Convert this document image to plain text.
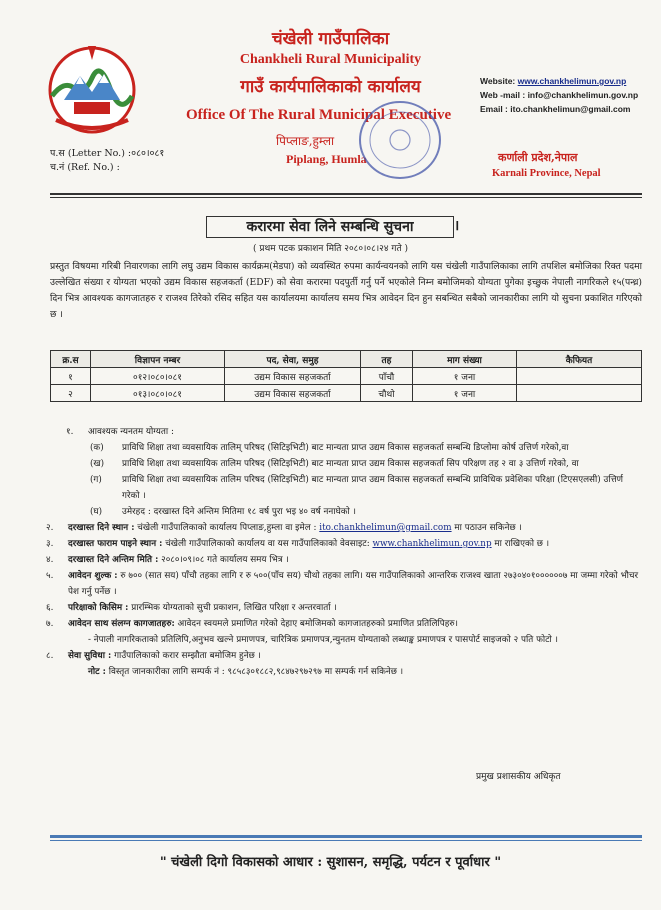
चंखेली गाउँपालिका
Chankheli Rural Municipality
गाउँ कार्यपालिकाको कार्यालय
Office Of The Rural Municipal Executive
पिप्लाङ,हुम्ला
Piplang, Humla
Website: www.chankhelimun.gov.np
Web -mail : info@chankhelimun.gov.np
Email : ito.chankhelimun@gmail.com
कर्णाली प्रदेश,नेपाल
Karnali Province, Nepal
प.स (Letter No.) :०८०।०८१
च.नं (Ref. No.) :
करारमा सेवा लिने सम्बन्धि सुचना	।
( प्रथम पटक प्रकाशन मिति २०८०।०८।२४ गते )
प्रस्तुत विषयमा गरिबी निवारणका लागि लघु उद्यम विकास कार्यक्रम(मेडपा) को व्यवस्थित रुपमा कार्यन्वयनको लागि यस चंखेली गाउँपालिकाका लागि तपशिल बमोजिका रिक्त पदमा उल्लेखित संख्या र योग्यता भएको उद्यम विकास सहजकर्ता (EDF) को सेवा करारमा पदपुर्ती गर्नु पर्ने भएकोले निम्न बमोजिमको योग्यता पुगेका इच्छुक नेपाली नागरिकले १५(पन्ध्र) दिन भित्र आवश्यक कागजातहरु र राजश्व तिरेको रसिद सहित यस कार्यालयमा कार्यालय समय भित्र आवेदन दिन हुन सबन्धित सबैको जानकारीका लागि यो सुचना प्रकाशित गरिएको छ ।
क्र.स	विज्ञापन नम्बर	पद, सेवा, समुह	तह	माग संख्या	कैफियत
१	०१२।०८०।०८१	उद्यम विकास सहजकर्ता	पाँचौ	१ जना	
२	०१३।०८०।०८१	उद्यम विकास सहजकर्ता	चौथो	१ जना	
१.	आवश्यक न्यनतम योग्यता :
(क)	प्राविधि शिक्षा तथा व्यवसायिक तालिम् परिषद (सिटिइभिटी) बाट मान्यता प्राप्त उद्यम विकास सहजकर्ता सम्बन्धि डिप्लोमा कोर्ष उत्तिर्ण गरेको,वा
(ख)	प्राविधि शिक्षा तथा व्यवसायिक तालिम परिषद (सिटिइभिटी) बाट मान्यता प्राप्त उद्यम विकास सहजकर्ता सिप परिक्षण तह २ वा ३ उत्तिर्ण गरेको, वा
(ग)	प्राविधि शिक्षा तथा व्यवसायिक तालिम परिषद (सिटिइभिटी) बाट मान्यता प्राप्त उद्यम विकास सहजकर्ता सम्बन्धि प्राविधिक प्रवेशिका परिक्षा (टिएसएलसी) उत्तिर्ण गरेको ।
(घ)	उमेरहद : दरखास्त दिने अन्तिम मितिमा १८ वर्ष पुरा भइ ४० वर्ष ननाघेको ।
२.	दरखास्त दिने स्थान : चंखेली गाउँपालिकाको कार्यालय पिप्लाङ,हुम्ला वा इमेल : ito.chankhelimun@gmail.com मा पठाउन सकिनेछ ।
३.	दरखास्त फाराम पाइने स्थान : चंखेली गाउँपालिकाको कार्यालय वा यस गाउँपालिकाको वेवसाइट: www.chankhelimun.gov.np मा राखिएको छ ।
४.	दरखास्त दिने अन्तिम मिति : २०८०।०९।०८ गते कार्यालय समय भित्र ।
५.	आवेदन शुल्क : रु ७०० (सात सय) पाँचौ तहका लागि र रु ५००(पाँच सय) चौथो तहका लागि। यस गाउँपालिकाको आन्तरिक राजश्व खाता २७३०४०१००००००७ मा जम्मा गरेको भौचर पेश गर्नु पर्नेछ ।
६.	परिक्षाको किसिम : प्रारम्भिक योग्यताको सुची प्रकाशन, लिखित परिक्षा र अन्तरवार्ता ।
७.	आवेदन साथ संलग्न कागजातहरु: आवेदन स्वयमले प्रमाणित गरेको देहाए बमोजिमको कागजातहरुको प्रमाणित प्रतिलिपिहरु।
- नेपाली नागरिकताको प्रतिलिपि,अनुभव खल्ने प्रमाणपत्र, चारित्रिक प्रमाणपत्र,न्युनतम योग्यताको लब्धाङ्क प्रमाणपत्र र पासपोर्ट साइजको २ पति फोटो ।
८.	सेवा सुविधा : गाउँपालिकाको करार सम्झौता बमोजिम हुनेछ ।
नोट : विस्तृत जानकारीका लागि सम्पर्क नं : ९८५८३०१८८२,९८४७२९७२९७ मा सम्पर्क गर्न सकिनेछ ।
प्रमुख प्रशासकीय अधिकृत
" चंखेली दिगो विकासको आधार : सुशासन, समृद्धि, पर्यटन र पूर्वाधार "
